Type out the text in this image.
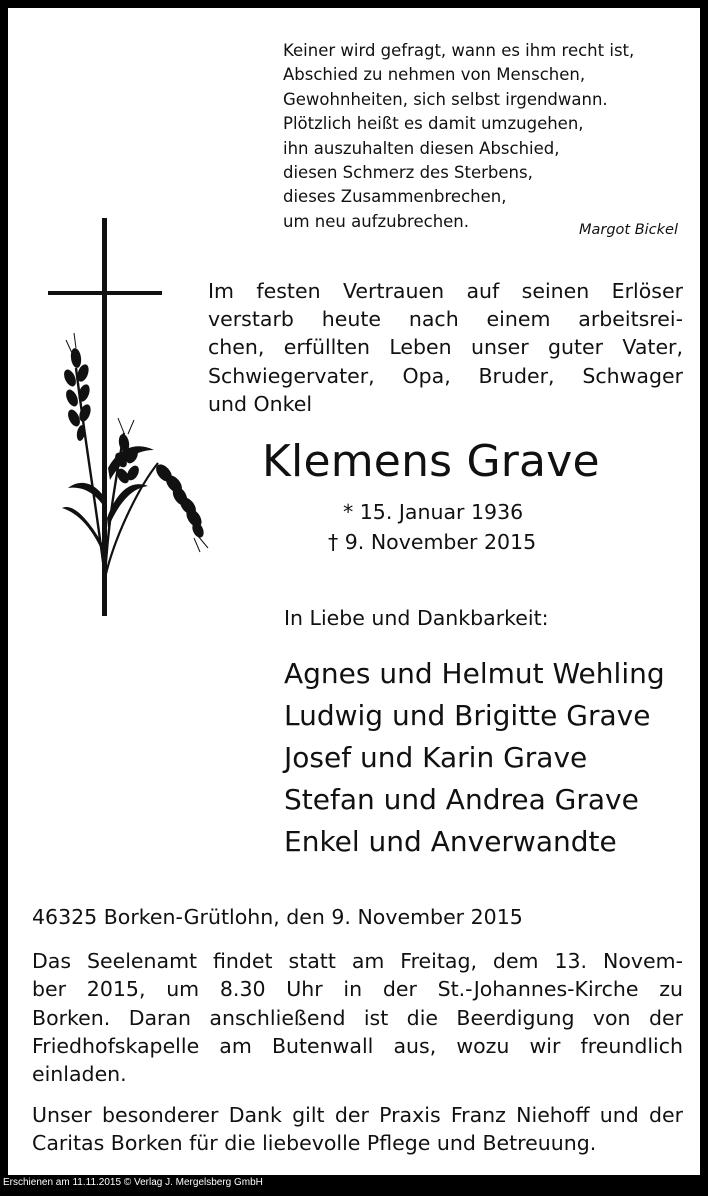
Keiner wird gefragt, wann es ihm recht ist,
Abschied zu nehmen von Menschen,
Gewohnheiten, sich selbst irgendwann.
Plötzlich heißt es damit umzugehen,
ihn auszuhalten diesen Abschied,
diesen Schmerz des Sterbens,
dieses Zusammenbrechen,
um neu aufzubrechen.	Margot Bickel
Im festen Vertrauen auf seinen Erlöser
verstarb heute nach einem arbeitsrei-
chen, erfüllten Leben unser guter Vater,
Schwiegervater, Opa, Bruder, Schwager
und Onkel
Klemens Grave
* 15. Januar 1936
† 9. November 2015
In Liebe und Dankbarkeit:
Agnes und Helmut Wehling
Ludwig und Brigitte Grave
Josef und Karin Grave
Stefan und Andrea Grave
Enkel und Anverwandte
46325 Borken-Grütlohn, den 9. November 2015
Das Seelenamt findet statt am Freitag, dem 13. Novem-
ber 2015, um 8.30 Uhr in der St.-Johannes-Kirche zu
Borken. Daran anschließend ist die Beerdigung von der
Friedhofskapelle am Butenwall aus, wozu wir freundlich
einladen.
Unser besonderer Dank gilt der Praxis Franz Niehoff und der
Caritas Borken für die liebevolle Pflege und Betreuung.
Erschienen am 11.11.2015 © Verlag J. Mergelsberg GmbH
